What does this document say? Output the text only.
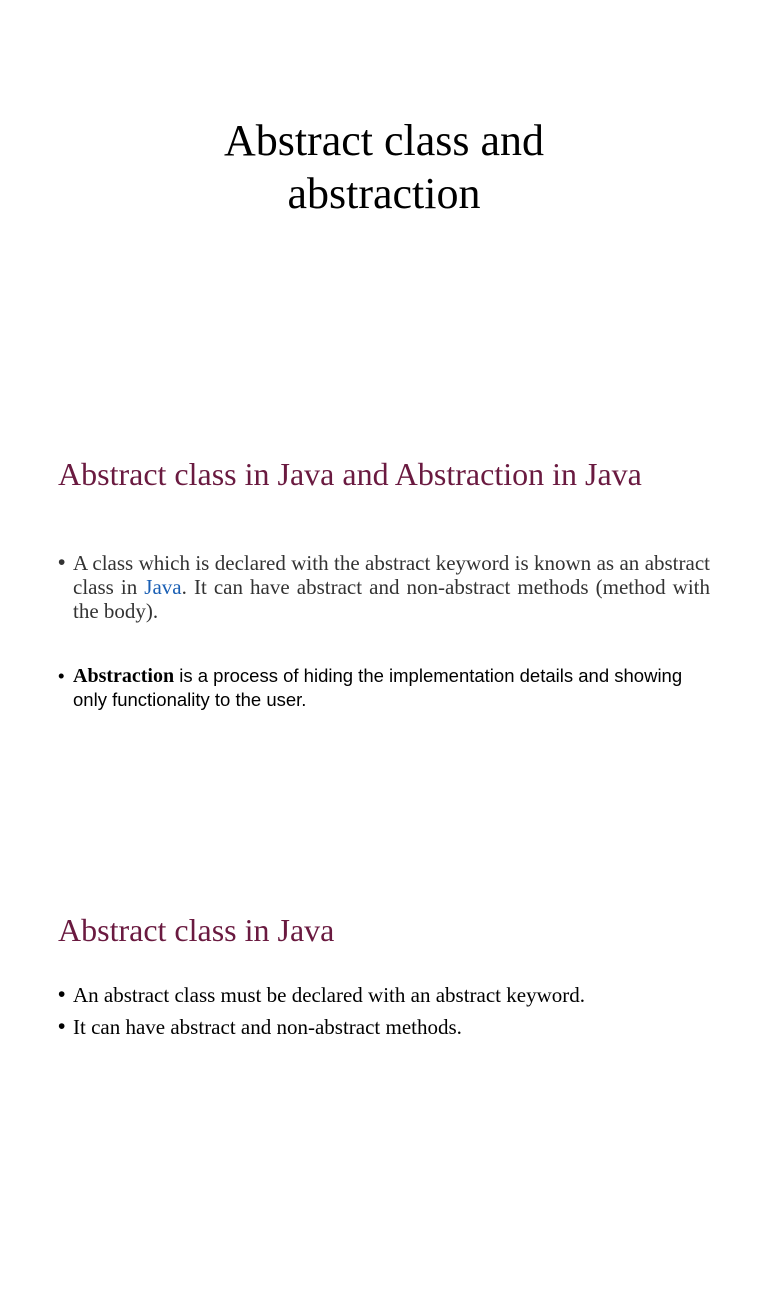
Abstract class and
abstraction
Abstract class in Java and Abstraction in Java

• A class which is declared with the abstract keyword is known as an abstract class in Java. It can have abstract and non-abstract methods (method with the body).

• Abstraction is a process of hiding the implementation details and showing only functionality to the user.

Abstract class in Java

• An abstract class must be declared with an abstract keyword.

• It can have abstract and non-abstract methods.
